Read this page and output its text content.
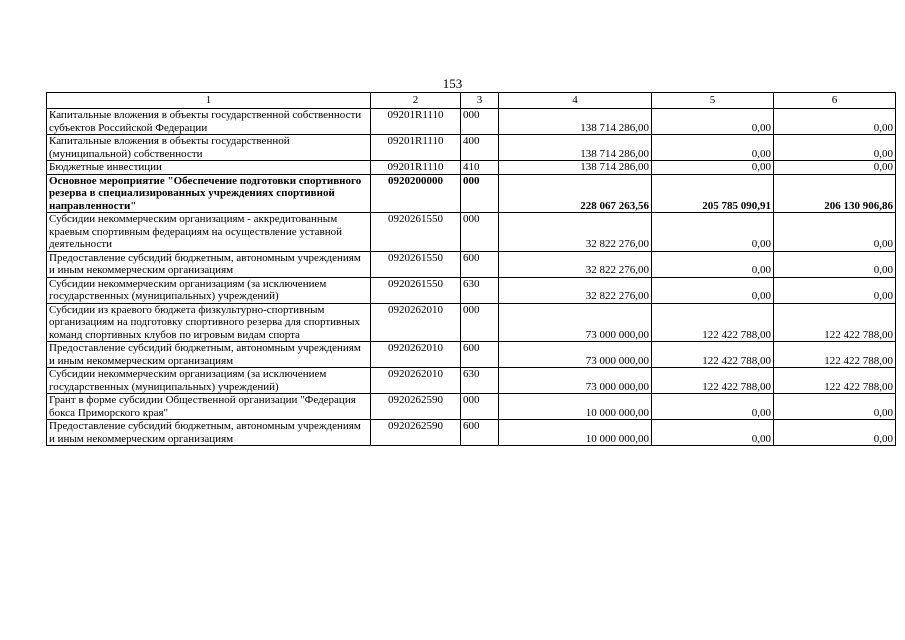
153
1	2	3	4	5	6
Капитальные вложения в объекты государственной собственности субъектов Российской Федерации	09201R1110	000	138 714 286,00	0,00	0,00
Капитальные вложения в объекты государственной (муниципальной) собственности	09201R1110	400	138 714 286,00	0,00	0,00
Бюджетные инвестиции	09201R1110	410	138 714 286,00	0,00	0,00
Основное мероприятие "Обеспечение подготовки спортивного резерва в специализированных учреждениях спортивной направленности"	0920200000	000	228 067 263,56	205 785 090,91	206 130 906,86
Субсидии некоммерческим организациям - аккредитованным краевым спортивным федерациям на осуществление уставной деятельности	0920261550	000	32 822 276,00	0,00	0,00
Предоставление субсидий бюджетным, автономным учреждениям и иным некоммерческим организациям	0920261550	600	32 822 276,00	0,00	0,00
Субсидии некоммерческим организациям (за исключением государственных (муниципальных) учреждений)	0920261550	630	32 822 276,00	0,00	0,00
Субсидии из краевого бюджета физкультурно-спортивным организациям на подготовку спортивного резерва для спортивных команд спортивных клубов по игровым видам спорта	0920262010	000	73 000 000,00	122 422 788,00	122 422 788,00
Предоставление субсидий бюджетным, автономным учреждениям и иным некоммерческим организациям	0920262010	600	73 000 000,00	122 422 788,00	122 422 788,00
Субсидии некоммерческим организациям (за исключением государственных (муниципальных) учреждений)	0920262010	630	73 000 000,00	122 422 788,00	122 422 788,00
Грант в форме субсидии Общественной организации "Федерация бокса Приморского края"	0920262590	000	10 000 000,00	0,00	0,00
Предоставление субсидий бюджетным, автономным учреждениям и иным некоммерческим организациям	0920262590	600	10 000 000,00	0,00	0,00
